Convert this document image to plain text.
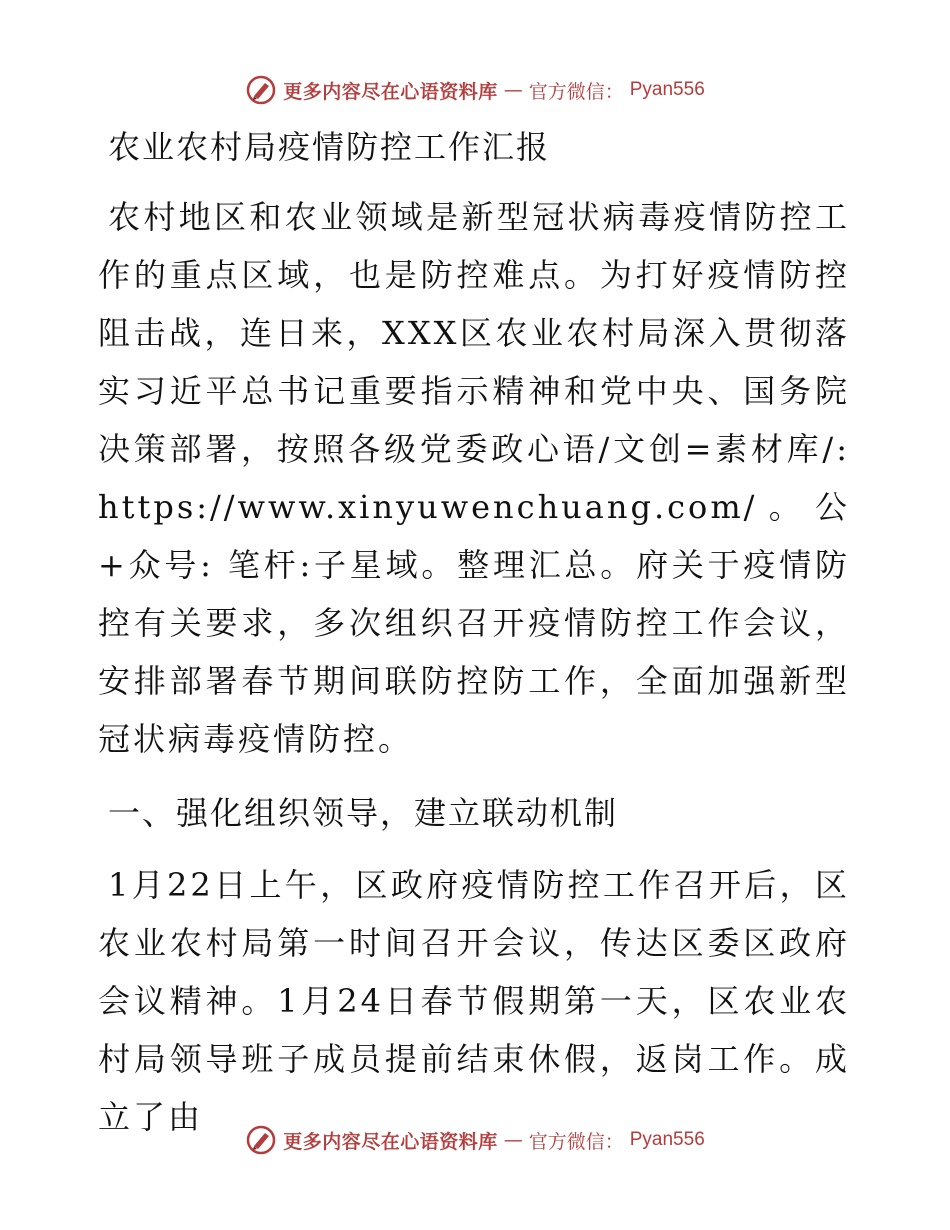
更多内容尽在心语资料库 — 官方微信： Pyan556
农业农村局疫情防控工作汇报
农村地区和农业领域是新型冠状病毒疫情防控工作的重点区域，也是防控难点。为打好疫情防控阻击战，连日来，XXX区农业农村局深入贯彻落实习近平总书记重要指示精神和党中央、国务院决策部署，按照各级党委政心语/文创=素材库/: https://www.xinyuwenchuang.com/。公+众号: 笔杆:子星域。整理汇总。府关于疫情防控有关要求，多次组织召开疫情防控工作会议，安排部署春节期间联防控防工作，全面加强新型冠状病毒疫情防控。
一、强化组织领导，建立联动机制
1月22日上午，区政府疫情防控工作召开后，区农业农村局第一时间召开会议，传达区委区政府会议精神。1月24日春节假期第一天，区农业农村局领导班子成员提前结束休假，返岗工作。成立了由
更多内容尽在心语资料库 — 官方微信： Pyan556
